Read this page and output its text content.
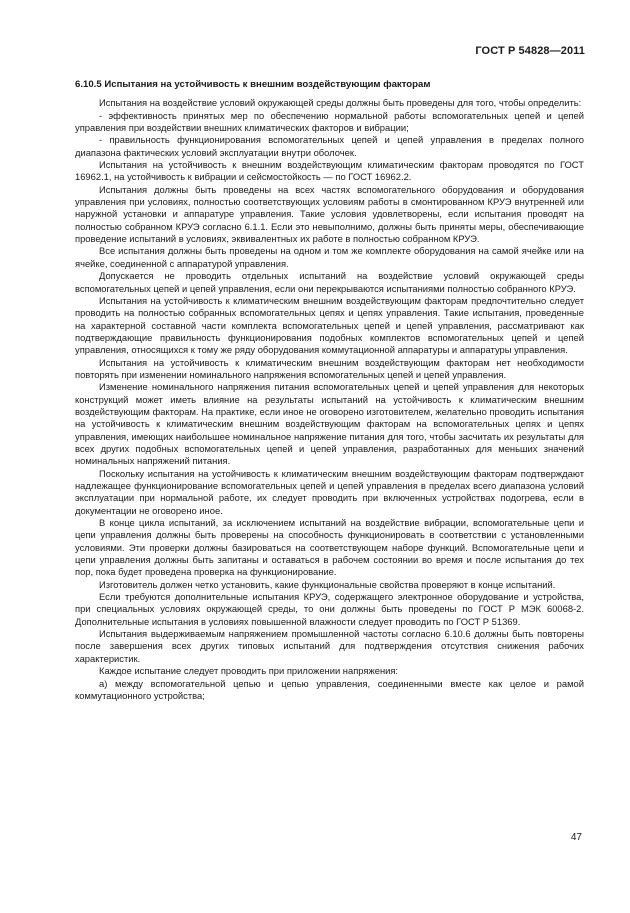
ГОСТ Р 54828—2011

6.10.5 Испытания на устойчивость к внешним воздействующим факторам

Испытания на воздействие условий окружающей среды должны быть проведены для того, чтобы определить:

- эффективность принятых мер по обеспечению нормальной работы вспомогательных цепей и цепей управления при воздействии внешних климатических факторов и вибрации;

- правильность функционирования вспомогательных цепей и цепей управления в пределах полного диапазона фактических условий эксплуатации внутри оболочек.

Испытания на устойчивость к внешним воздействующим климатическим факторам проводятся по ГОСТ 16962.1, на устойчивость к вибрации и сейсмостойкость — по ГОСТ 16962.2.

Испытания должны быть проведены на всех частях вспомогательного оборудования и оборудования управления при условиях, полностью соответствующих условиям работы в смонтированном КРУЭ внутренней или наружной установки и аппаратуре управления. Такие условия удовлетворены, если испытания проводят на полностью собранном КРУЭ согласно 6.1.1. Если это невыполнимо, должны быть приняты меры, обеспечивающие проведение испытаний в условиях, эквивалентных их работе в полностью собранном КРУЭ.

Все испытания должны быть проведены на одном и том же комплекте оборудования на самой ячейке или на ячейке, соединенной с аппаратурой управления.

Допускается не проводить отдельных испытаний на воздействие условий окружающей среды вспомогательных цепей и цепей управления, если они перекрываются испытаниями полностью собранного КРУЭ.

Испытания на устойчивость к климатическим внешним воздействующим факторам предпочтительно следует проводить на полностью собранных вспомогательных цепях и цепях управления. Такие испытания, проведенные на характерной составной части комплекта вспомогательных цепей и цепей управления, рассматривают как подтверждающие правильность функционирования подобных комплектов вспомогательных цепей и цепей управления, относящихся к тому же ряду оборудования коммутационной аппаратуры и аппаратуры управления.

Испытания на устойчивость к климатическим внешним воздействующим факторам нет необходимости повторять при изменении номинального напряжения вспомогательных цепей и цепей управления.

Изменение номинального напряжения питания вспомогательных цепей и цепей управления для некоторых конструкций может иметь влияние на результаты испытаний на устойчивость к климатическим внешним воздействующим факторам. На практике, если иное не оговорено изготовителем, желательно проводить испытания на устойчивость к климатическим внешним воздействующим факторам на вспомогательных цепях и цепях управления, имеющих наибольшее номинальное напряжение питания для того, чтобы засчитать их результаты для всех других подобных вспомогательных цепей и цепей управления, разработанных для меньших значений номинальных напряжений питания.

Поскольку испытания на устойчивость к климатическим внешним воздействующим факторам подтверждают надлежащее функционирование вспомогательных цепей и цепей управления в пределах всего диапазона условий эксплуатации при нормальной работе, их следует проводить при включенных устройствах подогрева, если в документации не оговорено иное.

В конце цикла испытаний, за исключением испытаний на воздействие вибрации, вспомогательные цепи и цепи управления должны быть проверены на способность функционировать в соответствии с установленными условиями. Эти проверки должны базироваться на соответствующем наборе функций. Вспомогательные цепи и цепи управления должны быть запитаны и оставаться в рабочем состоянии во время и после испытания до тех пор, пока будет проведена проверка на функционирование.

Изготовитель должен четко установить, какие функциональные свойства проверяют в конце испытаний.

Если требуются дополнительные испытания КРУЭ, содержащего электронное оборудование и устройства, при специальных условиях окружающей среды, то они должны быть проведены по ГОСТ Р МЭК 60068-2. Дополнительные испытания в условиях повышенной влажности следует проводить по ГОСТ Р 51369.

Испытания выдерживаемым напряжением промышленной частоты согласно 6.10.6 должны быть повторены после завершения всех других типовых испытаний для подтверждения отсутствия снижения рабочих характеристик.

Каждое испытание следует проводить при приложении напряжения:

а) между вспомогательной цепью и цепью управления, соединенными вместе как целое и рамой коммутационного устройства;

47
